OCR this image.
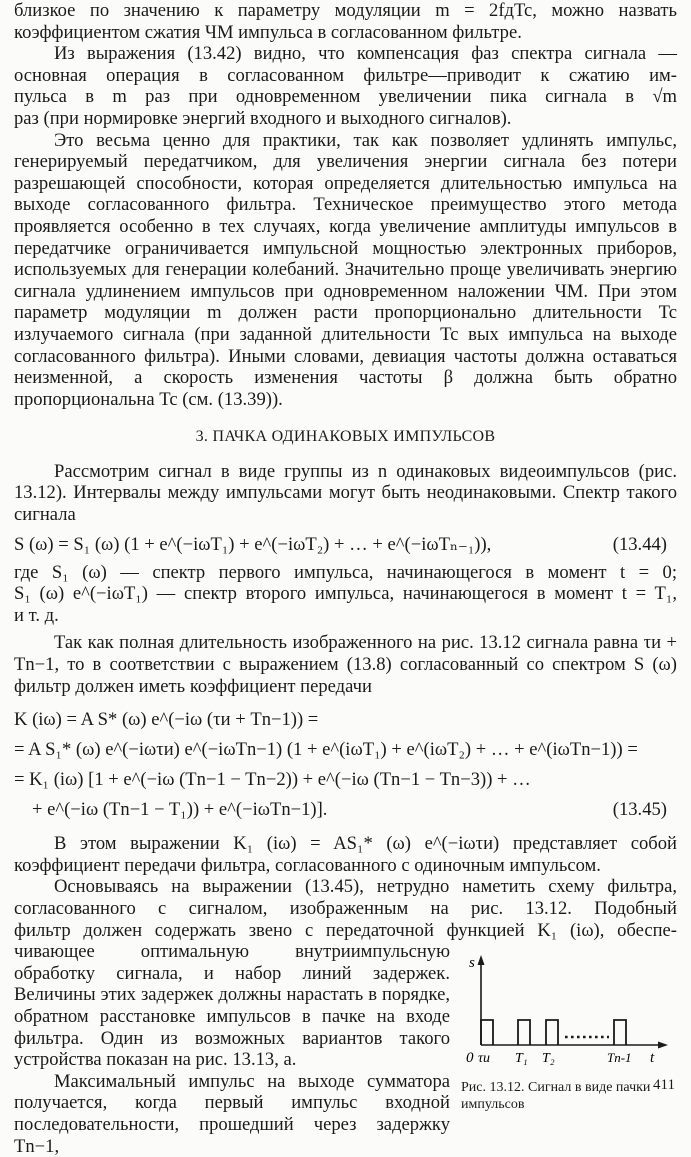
близкое по значению к параметру модуляции m = 2fдTc, можно назвать
коэффициентом сжатия ЧМ импульса в согласованном фильтре.

Из выражения (13.42) видно, что компенсация фаз спектра сигнала —
основная операция в согласованном фильтре—приводит к сжатию им-
пульса в m раз при одновременном увеличении пика сигнала в √m
раз (при нормировке энергий входного и выходного сигналов).

Это весьма ценно для практики, так как позволяет удлинять импульс, генерируемый передатчиком, для увеличения энергии сигнала без потери разрешающей способности, которая определяется длительностью импульса на выходе согласованного фильтра. Техническое преимущество этого метода проявляется особенно в тех случаях, когда увеличение амплитуды импульсов в передатчике ограничивается импульсной мощностью электронных приборов, используемых для генерации колебаний. Значительно проще увеличивать энергию сигнала удлинением импульсов при одновременном наложении ЧМ. При этом параметр модуляции m должен расти пропорционально длительности Tc излучаемого сигнала (при заданной длительности Tc вых импульса на выходе согласованного фильтра). Иными словами, девиация частоты должна оставаться неизменной, а скорость изменения частоты β должна быть обратно пропорциональна Tc (см. (13.39)).

3. ПАЧКА ОДИНАКОВЫХ ИМПУЛЬСОВ

Рассмотрим сигнал в виде группы из n одинаковых видеоимпульсов (рис. 13.12). Интервалы между импульсами могут быть неодинаковыми. Спектр такого сигнала

S (ω) = S₁ (ω) (1 + e^(−iωT₁) + e^(−iωT₂) + … + e^(−iωTₙ₋₁)),	(13.44)

где S₁ (ω) — спектр первого импульса, начинающегося в момент t = 0;
S₁ (ω) e^(−iωT₁) — спектр второго импульса, начинающегося в момент t = T₁,
и т. д.

Так как полная длительность изображенного на рис. 13.12 сигнала равна τи + Tn−1, то в соответствии с выражением (13.8) согласованный со спектром S (ω) фильтр должен иметь коэффициент передачи

K (iω) = A S* (ω) e^(−iω (τи + Tn−1)) =
= A S₁* (ω) e^(−iωτи) e^(−iωTn−1) (1 + e^(iωT₁) + e^(iωT₂) + … + e^(iωTn−1)) =
= K₁ (iω) [1 + e^(−iω (Tn−1 − Tn−2)) + e^(−iω (Tn−1 − Tn−3)) + …
+ e^(−iω (Tn−1 − T₁)) + e^(−iωTn−1)].	(13.45)

В этом выражении K₁ (iω) = AS₁* (ω) e^(−iωτи) представляет собой коэффициент передачи фильтра, согласованного с одиночным импульсом.

Основываясь на выражении (13.45), нетрудно наметить схему фильтра,
согласованного с сигналом, изображенным на рис. 13.12. Подобный
фильтр должен содержать звено с передаточной функцией K₁ (iω), обеспе-

чивающее оптимальную внутриимпульсную обработку сигнала, и набор линий задержек. Величины этих задержек должны нарастать в порядке, обратном расстановке импульсов в пачке на входе фильтра. Один из возможных вариантов такого устройства показан на рис. 13.13, а.

Максимальный импульс на выходе сумматора получается, когда первый импульс входной последовательности, прошедший через задержку Tn−1,

s
0 τи T₁ T₂	Tn-1 t
Рис. 13.12. Сигнал в виде пачки импульсов
411
